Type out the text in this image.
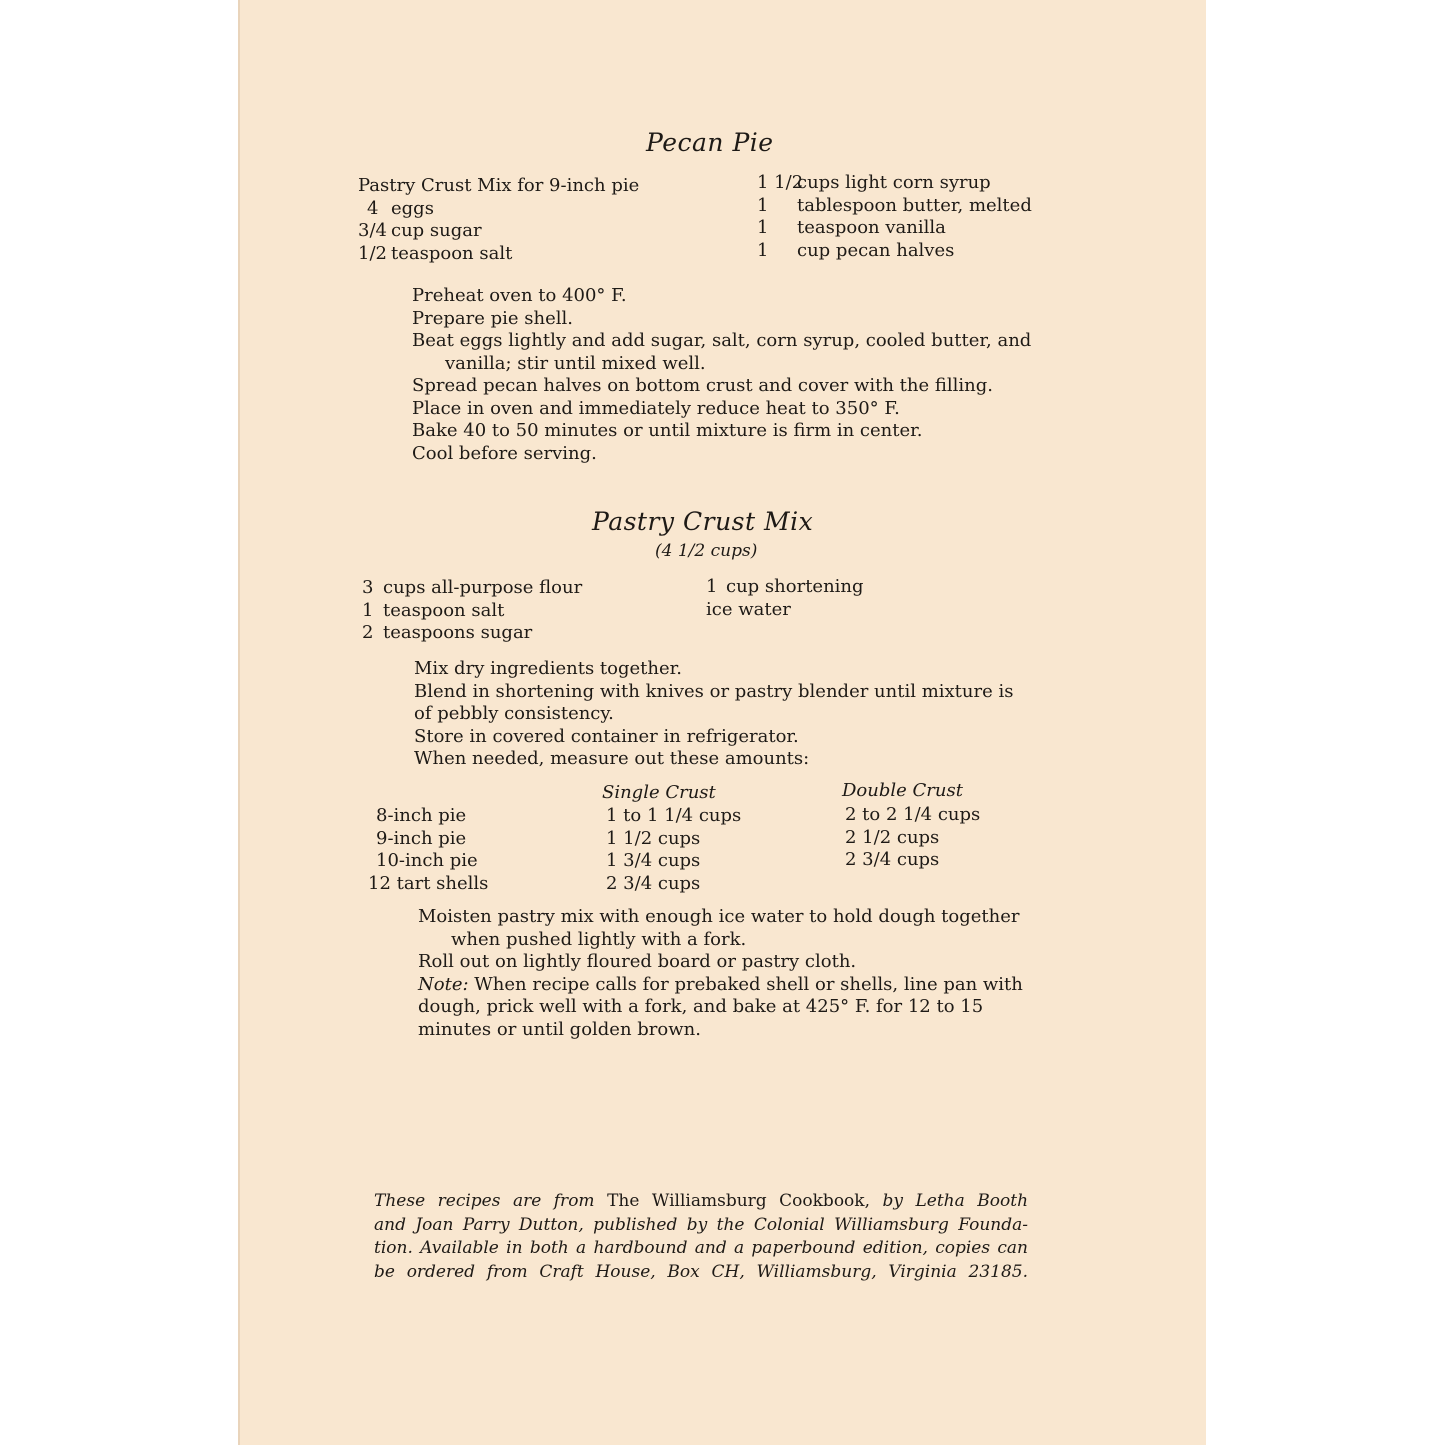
Pecan Pie
Pastry Crust Mix for 9-inch pie
4 eggs
3/4 cup sugar
1/2 teaspoon salt
1 1/2cups light corn syrup
1 tablespoon butter, melted
1 teaspoon vanilla
1 cup pecan halves
Preheat oven to 400° F.
Prepare pie shell.
Beat eggs lightly and add sugar, salt, corn syrup, cooled butter, and
vanilla; stir until mixed well.
Spread pecan halves on bottom crust and cover with the filling.
Place in oven and immediately reduce heat to 350° F.
Bake 40 to 50 minutes or until mixture is firm in center.
Cool before serving.
Pastry Crust Mix
(4 1/2 cups)
3 cups all-purpose flour
1 teaspoon salt
2 teaspoons sugar
1 cup shortening
ice water
Mix dry ingredients together.
Blend in shortening with knives or pastry blender until mixture is
of pebbly consistency.
Store in covered container in refrigerator.
When needed, measure out these amounts:
Single Crust	Double Crust
8-inch pie
9-inch pie
10-inch pie
12 tart shells
1 to 1 1/4 cups
1 1/2 cups
1 3/4 cups
2 3/4 cups
2 to 2 1/4 cups
2 1/2 cups
2 3/4 cups
Moisten pastry mix with enough ice water to hold dough together
when pushed lightly with a fork.
Roll out on lightly floured board or pastry cloth.
Note: When recipe calls for prebaked shell or shells, line pan with
dough, prick well with a fork, and bake at 425° F. for 12 to 15
minutes or until golden brown.
These recipes are from The Williamsburg Cookbook, by Letha Booth
and Joan Parry Dutton, published by the Colonial Williamsburg Founda-
tion. Available in both a hardbound and a paperbound edition, copies can
be ordered from Craft House, Box CH, Williamsburg, Virginia 23185.
